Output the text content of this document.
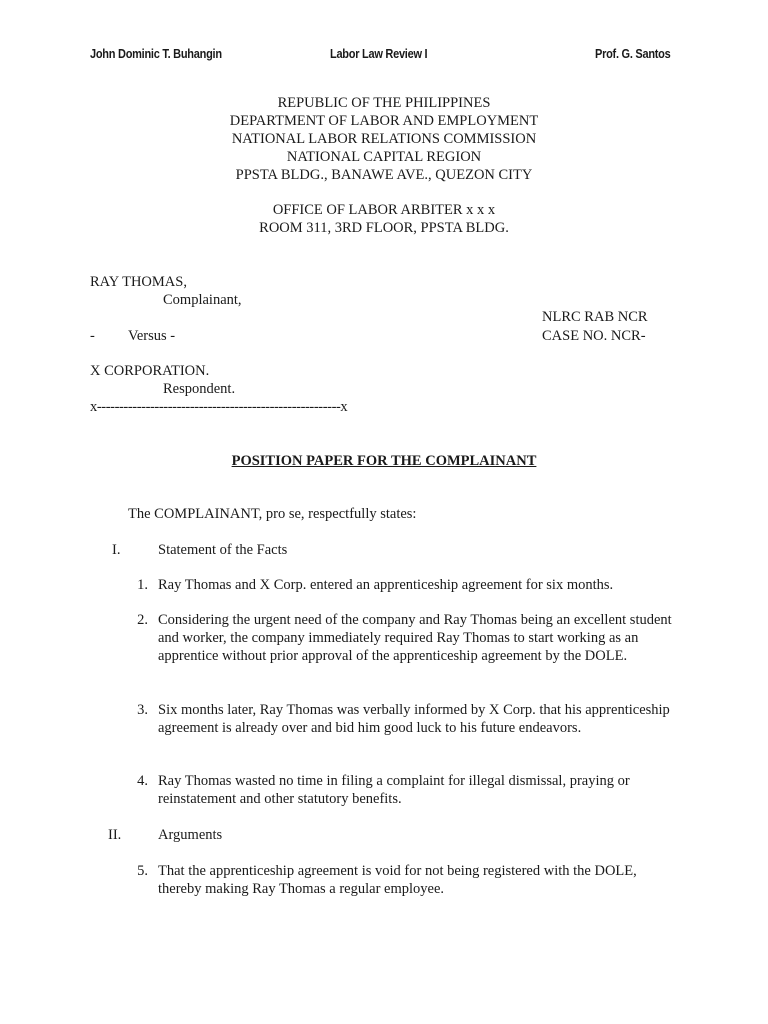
John Dominic T. Buhangin	Labor Law Review I	Prof. G. Santos
REPUBLIC OF THE PHILIPPINES
DEPARTMENT OF LABOR AND EMPLOYMENT
NATIONAL LABOR RELATIONS COMMISSION
NATIONAL CAPITAL REGION
PPSTA BLDG., BANAWE AVE., QUEZON CITY
OFFICE OF LABOR ARBITER x x x
ROOM 311, 3RD FLOOR, PPSTA BLDG.
RAY THOMAS,
Complainant,
NLRC RAB NCR
- Versus -	CASE NO. NCR-
X CORPORATION.
Respondent.
x-------------------------------------------------------x
POSITION PAPER FOR THE COMPLAINANT
The COMPLAINANT, pro se, respectfully states:
I.	Statement of the Facts
1. Ray Thomas and X Corp. entered an apprenticeship agreement for six months.
2. Considering the urgent need of the company and Ray Thomas being an excellent student and worker, the company immediately required Ray Thomas to start working as an apprentice without prior approval of the apprenticeship agreement by the DOLE.
3. Six months later, Ray Thomas was verbally informed by X Corp. that his apprenticeship agreement is already over and bid him good luck to his future endeavors.
4. Ray Thomas wasted no time in filing a complaint for illegal dismissal, praying or reinstatement and other statutory benefits.
II.	Arguments
5. That the apprenticeship agreement is void for not being registered with the DOLE, thereby making Ray Thomas a regular employee.
